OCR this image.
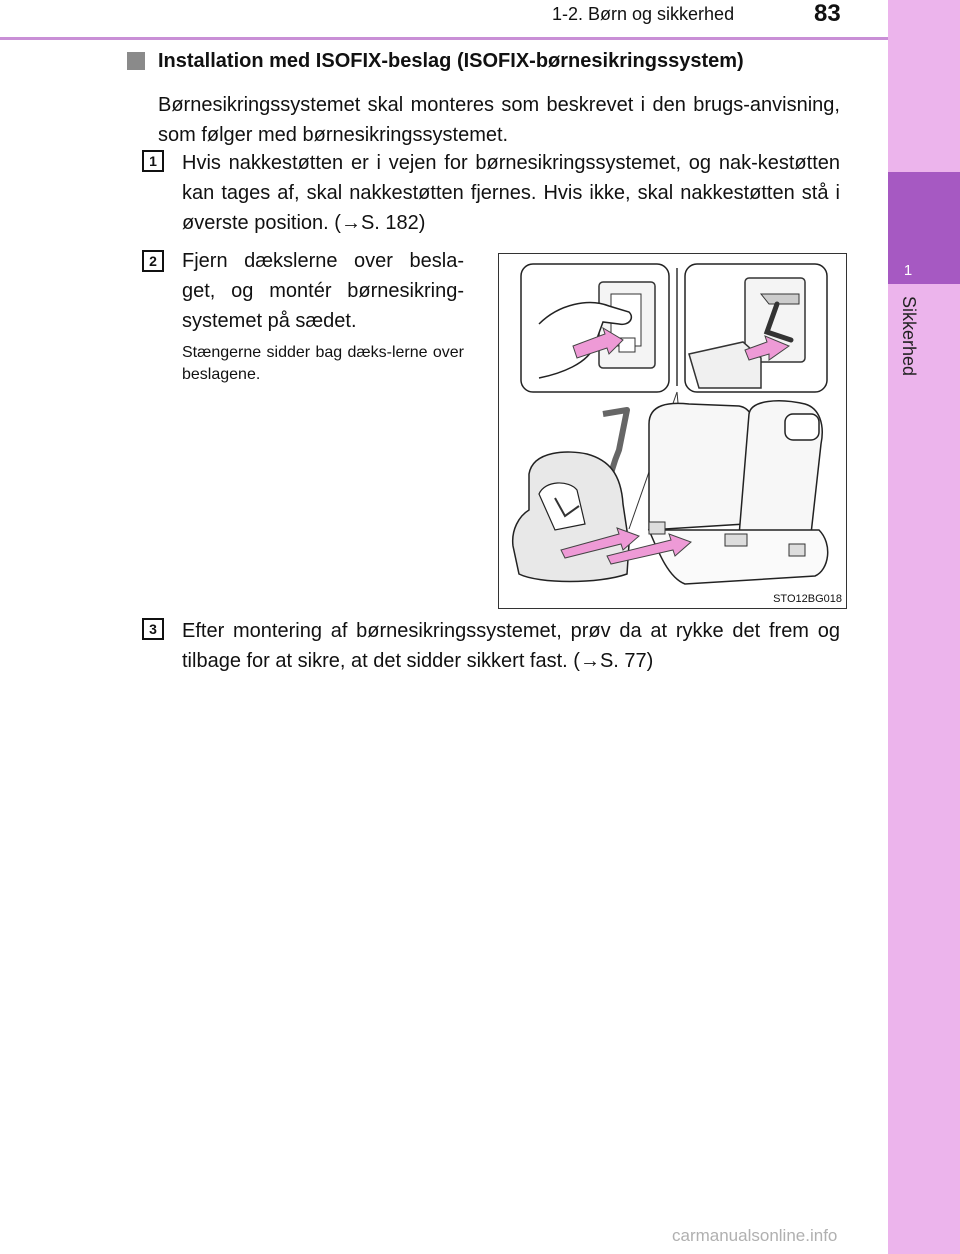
1
Sikkerhed
1-2. Børn og sikkerhed	83
Installation med ISOFIX-beslag (ISOFIX-børnesikringssystem)
Børnesikringssystemet skal monteres som beskrevet i den brugs-anvisning, som følger med børnesikringssystemet.
1	Hvis nakkestøtten er i vejen for børnesikringssystemet, og nak-kestøtten kan tages af, skal nakkestøtten fjernes. Hvis ikke, skal nakkestøtten stå i øverste position. (→S. 182)
2	Fjern dækslerne over besla-get, og montér børnesikring-systemet på sædet.
Stængerne sidder bag dæks-lerne over beslagene.
STO12BG018
3	Efter montering af børnesikringssystemet, prøv da at rykke det frem og tilbage for at sikre, at det sidder sikkert fast. (→S. 77)
carmanualsonline.info
